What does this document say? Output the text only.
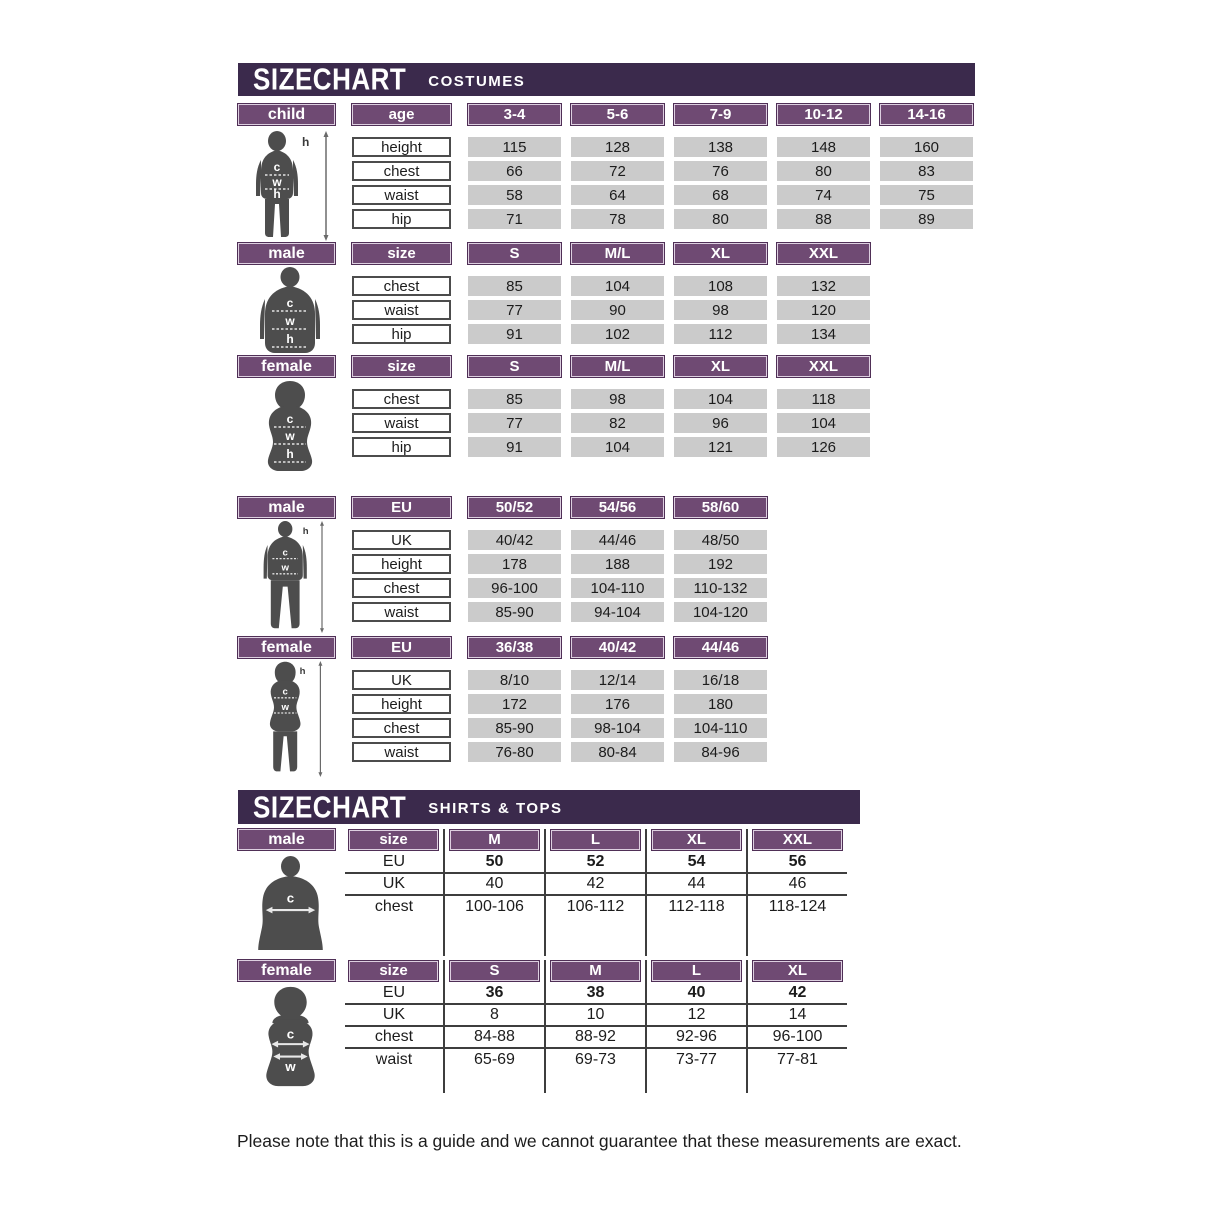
SIZECHART COSTUMES
child
c
w
h
h
age	3-4	5-6	7-9	10-12	14-16
height	115	128	138	148	160
chest	66	72	76	80	83
waist	58	64	68	74	75
hip	71	78	80	88	89
male
c
w
h
size	S	M/L	XL	XXL
chest	85	104	108	132
waist	77	90	98	120
hip	91	102	112	134
female
c
w
h
size	S	M/L	XL	XXL
chest	85	98	104	118
waist	77	82	96	104
hip	91	104	121	126
male
c
w
h
EU	50/52	54/56	58/60
UK	40/42	44/46	48/50
height	178	188	192
chest	96-100	104-110	110-132
waist	85-90	94-104	104-120
female
c
w
h
EU	36/38	40/42	44/46
UK	8/10	12/14	16/18
height	172	176	180
chest	85-90	98-104	104-110
waist	76-80	80-84	84-96
SIZECHART SHIRTS & TOPS
male
c
size	M	L	XL	XXL
EU	50	52	54	56
UK	40	42	44	46
chest	100-106	106-112	112-118	118-124
female
c
w
size	S	M	L	XL
EU	36	38	40	42
UK	8	10	12	14
chest	84-88	88-92	92-96	96-100
waist	65-69	69-73	73-77	77-81
Please note that this is a guide and we cannot guarantee that these measurements are exact.
